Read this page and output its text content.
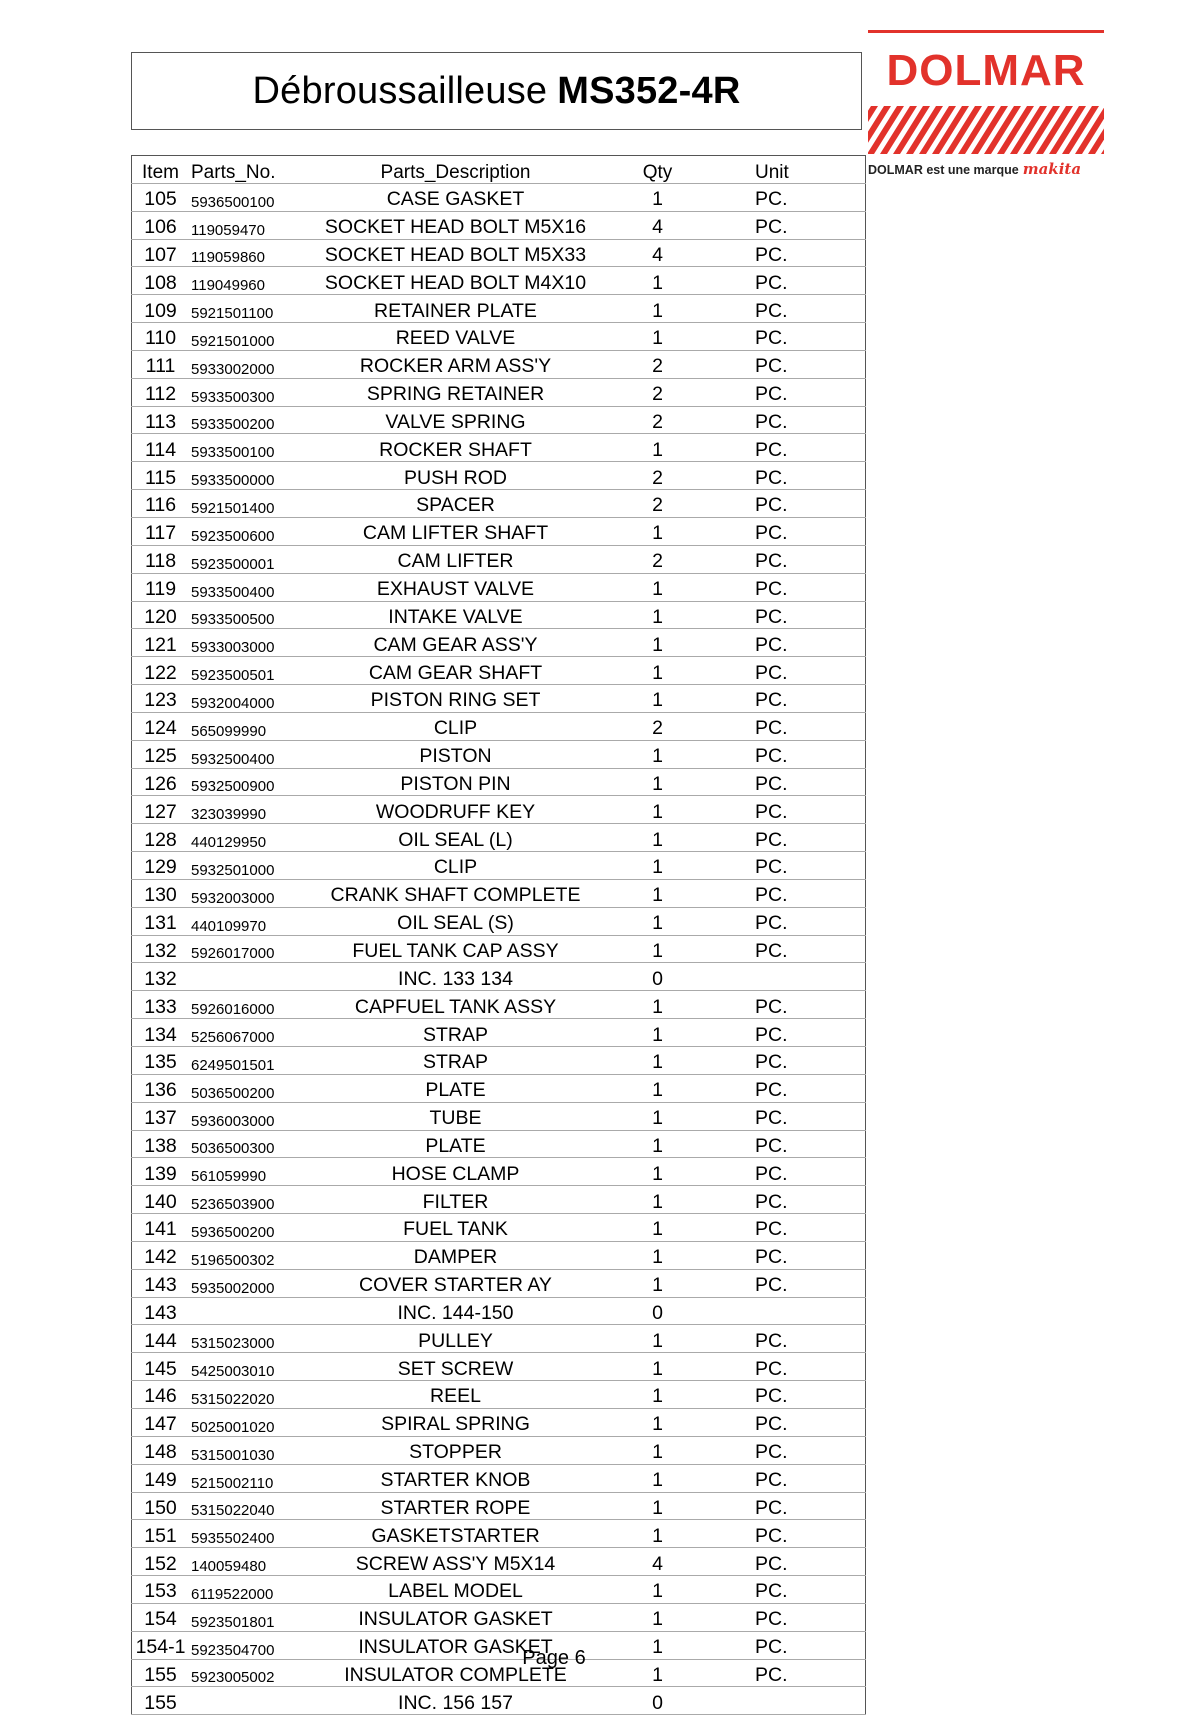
Débroussailleuse MS352-4R	DOLMAR
DOLMAR est une marque makita
Item	Parts_No.	Parts_Description	Qty	Unit
105	5936500100	CASE GASKET	1	PC.
106	119059470	SOCKET HEAD BOLT M5X16	4	PC.
107	119059860	SOCKET HEAD BOLT M5X33	4	PC.
108	119049960	SOCKET HEAD BOLT M4X10	1	PC.
109	5921501100	RETAINER PLATE	1	PC.
110	5921501000	REED VALVE	1	PC.
111	5933002000	ROCKER ARM ASS'Y	2	PC.
112	5933500300	SPRING RETAINER	2	PC.
113	5933500200	VALVE SPRING	2	PC.
114	5933500100	ROCKER SHAFT	1	PC.
115	5933500000	PUSH ROD	2	PC.
116	5921501400	SPACER	2	PC.
117	5923500600	CAM LIFTER SHAFT	1	PC.
118	5923500001	CAM LIFTER	2	PC.
119	5933500400	EXHAUST VALVE	1	PC.
120	5933500500	INTAKE VALVE	1	PC.
121	5933003000	CAM GEAR ASS'Y	1	PC.
122	5923500501	CAM GEAR SHAFT	1	PC.
123	5932004000	PISTON RING SET	1	PC.
124	565099990	CLIP	2	PC.
125	5932500400	PISTON	1	PC.
126	5932500900	PISTON PIN	1	PC.
127	323039990	WOODRUFF KEY	1	PC.
128	440129950	OIL SEAL (L)	1	PC.
129	5932501000	CLIP	1	PC.
130	5932003000	CRANK SHAFT COMPLETE	1	PC.
131	440109970	OIL SEAL (S)	1	PC.
132	5926017000	FUEL TANK CAP ASSY	1	PC.
132		INC. 133 134	0	
133	5926016000	CAPFUEL TANK ASSY	1	PC.
134	5256067000	STRAP	1	PC.
135	6249501501	STRAP	1	PC.
136	5036500200	PLATE	1	PC.
137	5936003000	TUBE	1	PC.
138	5036500300	PLATE	1	PC.
139	561059990	HOSE CLAMP	1	PC.
140	5236503900	FILTER	1	PC.
141	5936500200	FUEL TANK	1	PC.
142	5196500302	DAMPER	1	PC.
143	5935002000	COVER STARTER AY	1	PC.
143		INC. 144-150	0	
144	5315023000	PULLEY	1	PC.
145	5425003010	SET SCREW	1	PC.
146	5315022020	REEL	1	PC.
147	5025001020	SPIRAL SPRING	1	PC.
148	5315001030	STOPPER	1	PC.
149	5215002110	STARTER KNOB	1	PC.
150	5315022040	STARTER ROPE	1	PC.
151	5935502400	GASKETSTARTER	1	PC.
152	140059480	SCREW ASS'Y M5X14	4	PC.
153	6119522000	LABEL MODEL	1	PC.
154	5923501801	INSULATOR GASKET	1	PC.
154-1	5923504700	INSULATOR GASKET	1	PC.
155	5923005002	INSULATOR COMPLETE	1	PC.
155		INC. 156 157	0	
Page 6
